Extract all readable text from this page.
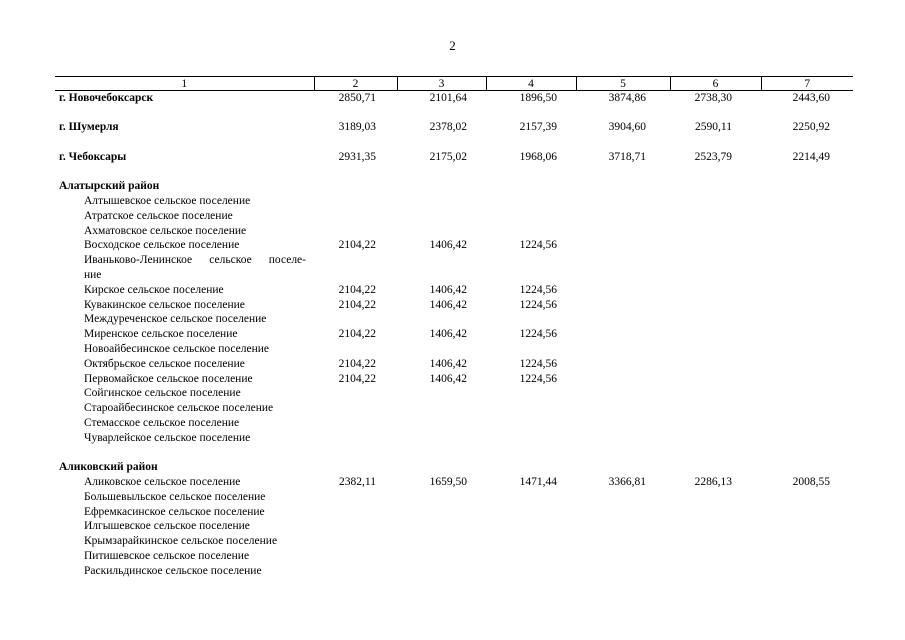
2
1	2	3	4	5	6	7
г. Новочебоксарск	2850,71	2101,64	1896,50	3874,86	2738,30	2443,60

г. Шумерля	3189,03	2378,02	2157,39	3904,60	2590,11	2250,92

г. Чебоксары	2931,35	2175,02	1968,06	3718,71	2523,79	2214,49

Алатырский район						
Алтышевское сельское поселение						
Атратское сельское поселение						
Ахматовское сельское поселение						
Восходское сельское поселение	2104,22	1406,42	1224,56			

Иваньково-Ленинское сельское поселе-						

ние						
Кирское сельское поселение	2104,22	1406,42	1224,56			
Кувакинское сельское поселение	2104,22	1406,42	1224,56			
Междуреченское сельское поселение						
Миренское сельское поселение	2104,22	1406,42	1224,56			
Новоайбесинское сельское поселение						
Октябрьское сельское поселение	2104,22	1406,42	1224,56			
Первомайское сельское поселение	2104,22	1406,42	1224,56			
Сойгинское сельское поселение						
Староайбесинское сельское поселение						
Стемасское сельское поселение						
Чуварлейское сельское поселение						

Аликовский район						
Аликовское сельское поселение	2382,11	1659,50	1471,44	3366,81	2286,13	2008,55
Большевыльское сельское поселение						
Ефремкасинское сельское поселение						
Илгышевское сельское поселение						
Крымзарайкинское сельское поселение						
Питишевское сельское поселение						
Раскильдинское сельское поселение						
